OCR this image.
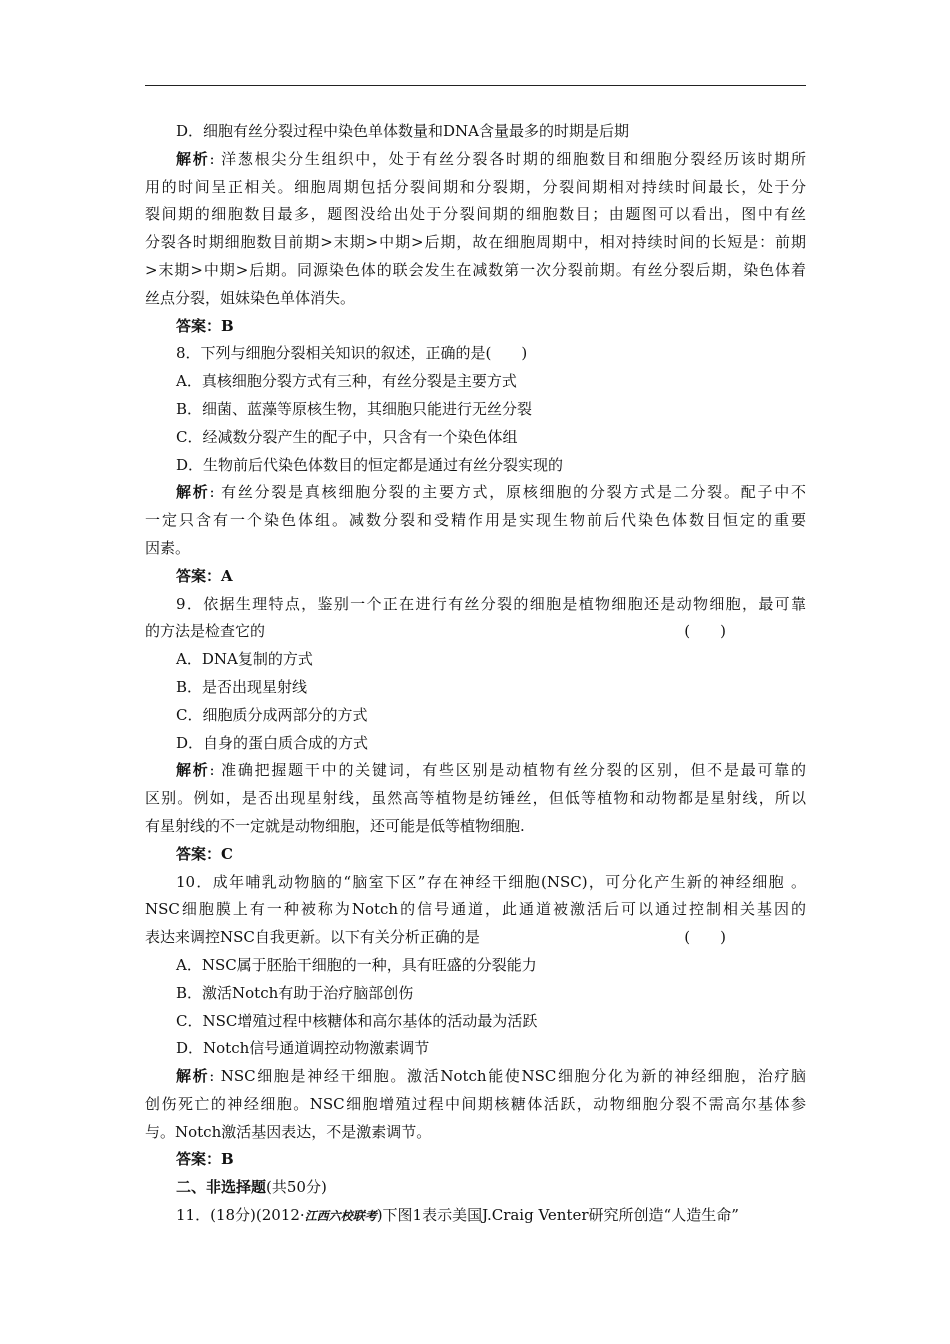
D．细胞有丝分裂过程中染色单体数量和DNA含量最多的时期是后期
解析: 洋葱根尖分生组织中，处于有丝分裂各时期的细胞数目和细胞分裂经历该时期所
用的时间呈正相关。细胞周期包括分裂间期和分裂期，分裂间期相对持续时间最长，处于分
裂间期的细胞数目最多，题图没给出处于分裂间期的细胞数目；由题图可以看出，图中有丝
分裂各时期细胞数目前期>末期>中期>后期，故在细胞周期中，相对持续时间的长短是：前期
>末期>中期>后期。同源染色体的联会发生在减数第一次分裂前期。有丝分裂后期，染色体着
丝点分裂，姐妹染色单体消失。
答案：B
8．下列与细胞分裂相关知识的叙述，正确的是(　　)
A．真核细胞分裂方式有三种，有丝分裂是主要方式
B．细菌、蓝藻等原核生物，其细胞只能进行无丝分裂
C．经减数分裂产生的配子中，只含有一个染色体组
D．生物前后代染色体数目的恒定都是通过有丝分裂实现的
解析: 有丝分裂是真核细胞分裂的主要方式，原核细胞的分裂方式是二分裂。配子中不
一定只含有一个染色体组。减数分裂和受精作用是实现生物前后代染色体数目恒定的重要
因素。
答案：A
9．依据生理特点，鉴别一个正在进行有丝分裂的细胞是植物细胞还是动物细胞，最可靠
的方法是检查它的	(　　)
A．DNA复制的方式
B．是否出现星射线
C．细胞质分成两部分的方式
D．自身的蛋白质合成的方式
解析: 准确把握题干中的关键词，有些区别是动植物有丝分裂的区别，但不是最可靠的
区别。例如，是否出现星射线，虽然高等植物是纺锤丝，但低等植物和动物都是星射线，所以
有星射线的不一定就是动物细胞，还可能是低等植物细胞.
答案：C
10．成年哺乳动物脑的“脑室下区”存在神经干细胞(NSC)，可分化产生新的神经细胞 。
NSC细胞膜上有一种被称为Notch的信号通道，此通道被激活后可以通过控制相关基因的
表达来调控NSC自我更新。以下有关分析正确的是	(　　)
A．NSC属于胚胎干细胞的一种，具有旺盛的分裂能力
B．激活Notch有助于治疗脑部创伤
C．NSC增殖过程中核糖体和高尔基体的活动最为活跃
D．Notch信号通道调控动物激素调节
解析: NSC细胞是神经干细胞。激活Notch能使NSC细胞分化为新的神经细胞，治疗脑
创伤死亡的神经细胞。NSC细胞增殖过程中间期核糖体活跃，动物细胞分裂不需高尔基体参
与。Notch激活基因表达，不是激素调节。
答案：B
二、非选择题(共50分)
11．(18分)(2012·江西六校联考)下图1表示美国J.Craig Venter研究所创造“人造生命”
